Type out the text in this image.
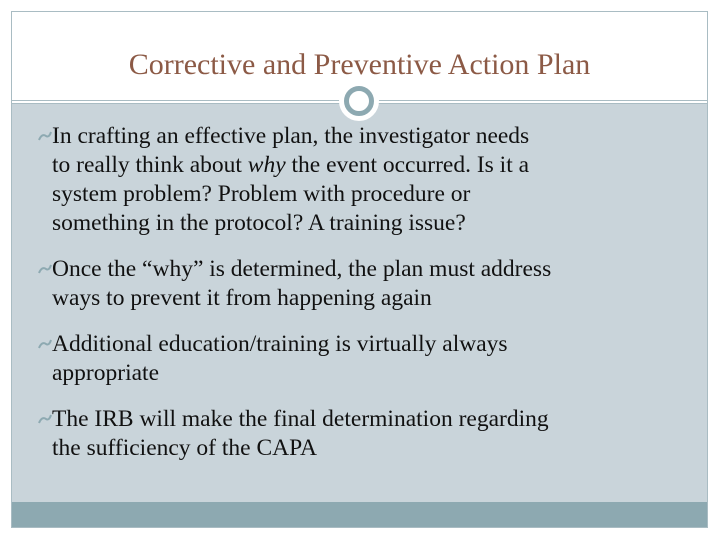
Corrective and Preventive Action Plan
In crafting an effective plan, the investigator needs
to really think about why the event occurred. Is it a
system problem? Problem with procedure or
something in the protocol? A training issue?
Once the “why” is determined, the plan must address
ways to prevent it from happening again
Additional education/training is virtually always
appropriate
The IRB will make the final determination regarding
the sufficiency of the CAPA
